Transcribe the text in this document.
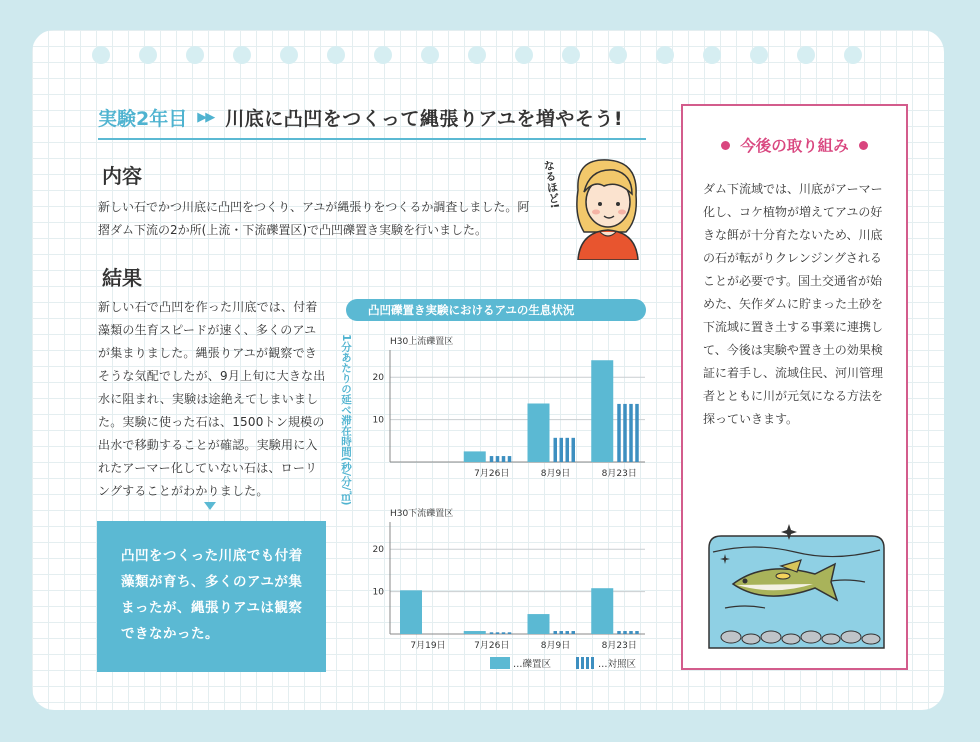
実験2年目 ▶▶ 川底に凸凹をつくって縄張りアユを増やそう!
内容
新しい石でかつ川底に凸凹をつくり、アユが縄張りをつくるか調査しました。阿摺ダム下流の2か所(上流・下流礫置区)で凸凹礫置き実験を行いました。
なるほど!
結果
新しい石で凸凹を作った川底では、付着藻類の生育スピードが速く、多くのアユが集まりました。縄張りアユが観察できそうな気配でしたが、9月上旬に大きな出水に阻まれ、実験は途絶えてしまいました。実験に使った石は、1500トン規模の出水で移動することが確認。実験用に入れたアーマー化していない石は、ローリングすることがわかりました。
凸凹をつくった川底でも付着藻類が育ち、多くのアユが集まったが、縄張りアユは観察できなかった。
凸凹礫置き実験におけるアユの生息状況
1分あたりの延べ滞在時間(秒/分/㎡)	H30上流礫置区
10
20
7月26日	8月9日	8月23日
H30下流礫置区
10
20
7月19日	7月26日	8月9日	8月23日
…礫置区	…対照区
今後の取り組み
ダム下流域では、川底がアーマー化し、コケ植物が増えてアユの好きな餌が十分育たないため、川底の石が転がりクレンジングされることが必要です。国土交通省が始めた、矢作ダムに貯まった土砂を下流域に置き土する事業に連携して、今後は実験や置き土の効果検証に着手し、流域住民、河川管理者とともに川が元気になる方法を探っていきます。
